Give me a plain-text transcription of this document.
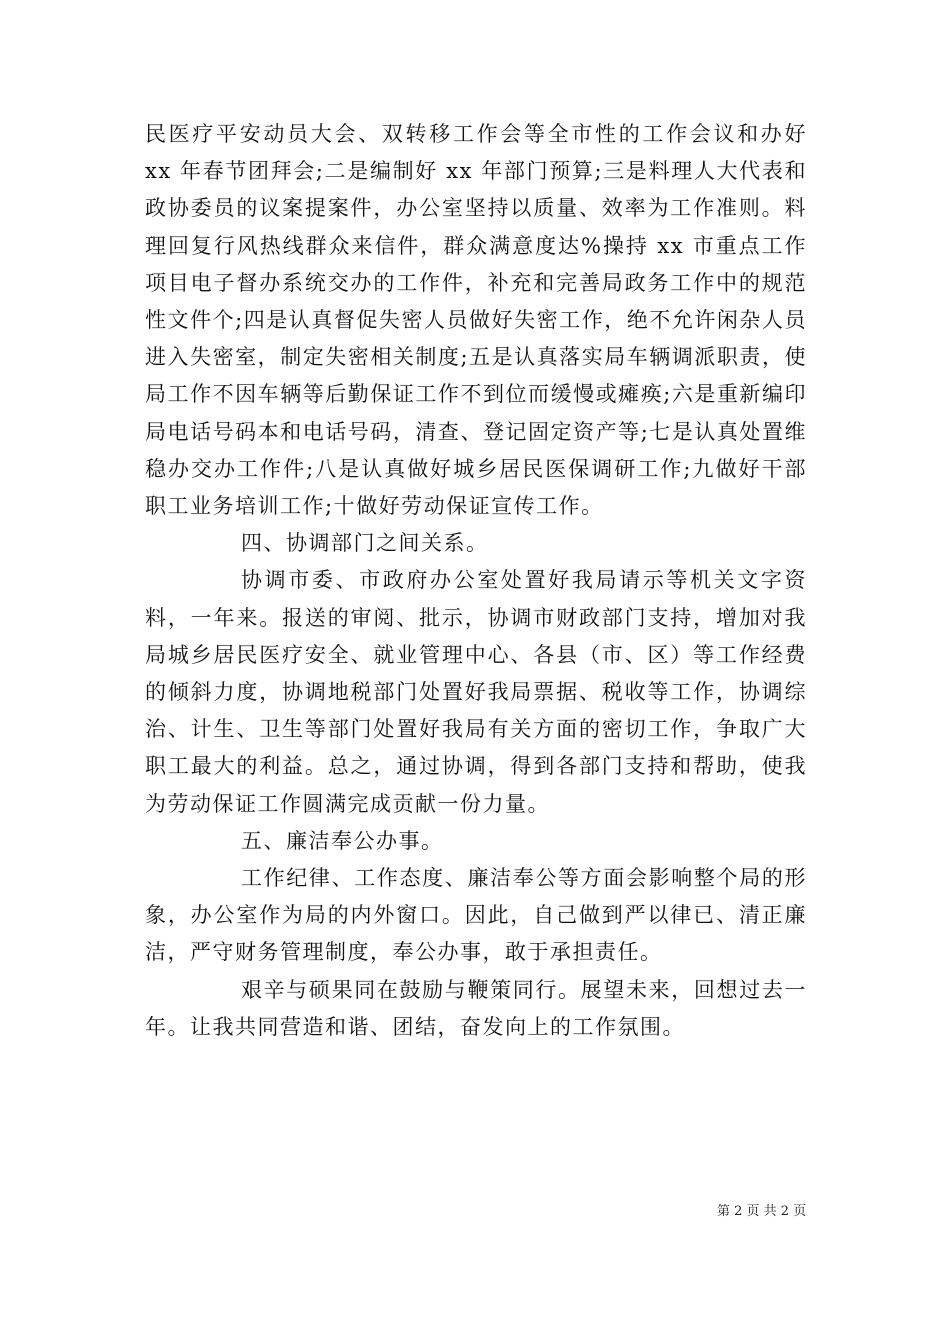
民医疗平安动员大会、双转移工作会等全市性的工作会议和办好 xx 年春节团拜会;二是编制好 xx 年部门预算;三是料理人大代表和政协委员的议案提案件，办公室坚持以质量、效率为工作准则。料理回复行风热线群众来信件，群众满意度达%操持 xx 市重点工作项目电子督办系统交办的工作件，补充和完善局政务工作中的规范性文件个;四是认真督促失密人员做好失密工作，绝不允许闲杂人员进入失密室，制定失密相关制度;五是认真落实局车辆调派职责，使局工作不因车辆等后勤保证工作不到位而缓慢或瘫痪;六是重新编印局电话号码本和电话号码，清查、登记固定资产等;七是认真处置维稳办交办工作件;八是认真做好城乡居民医保调研工作;九做好干部职工业务培训工作;十做好劳动保证宣传工作。

四、协调部门之间关系。

协调市委、市政府办公室处置好我局请示等机关文字资料，一年来。报送的审阅、批示，协调市财政部门支持，增加对我局城乡居民医疗安全、就业管理中心、各县（市、区）等工作经费的倾斜力度，协调地税部门处置好我局票据、税收等工作，协调综治、计生、卫生等部门处置好我局有关方面的密切工作，争取广大职工最大的利益。总之，通过协调，得到各部门支持和帮助，使我为劳动保证工作圆满完成贡献一份力量。

五、廉洁奉公办事。

工作纪律、工作态度、廉洁奉公等方面会影响整个局的形象，办公室作为局的内外窗口。因此，自己做到严以律已、清正廉洁，严守财务管理制度，奉公办事，敢于承担责任。

艰辛与硕果同在鼓励与鞭策同行。展望未来，回想过去一年。让我共同营造和谐、团结，奋发向上的工作氛围。

第 2 页 共 2 页
